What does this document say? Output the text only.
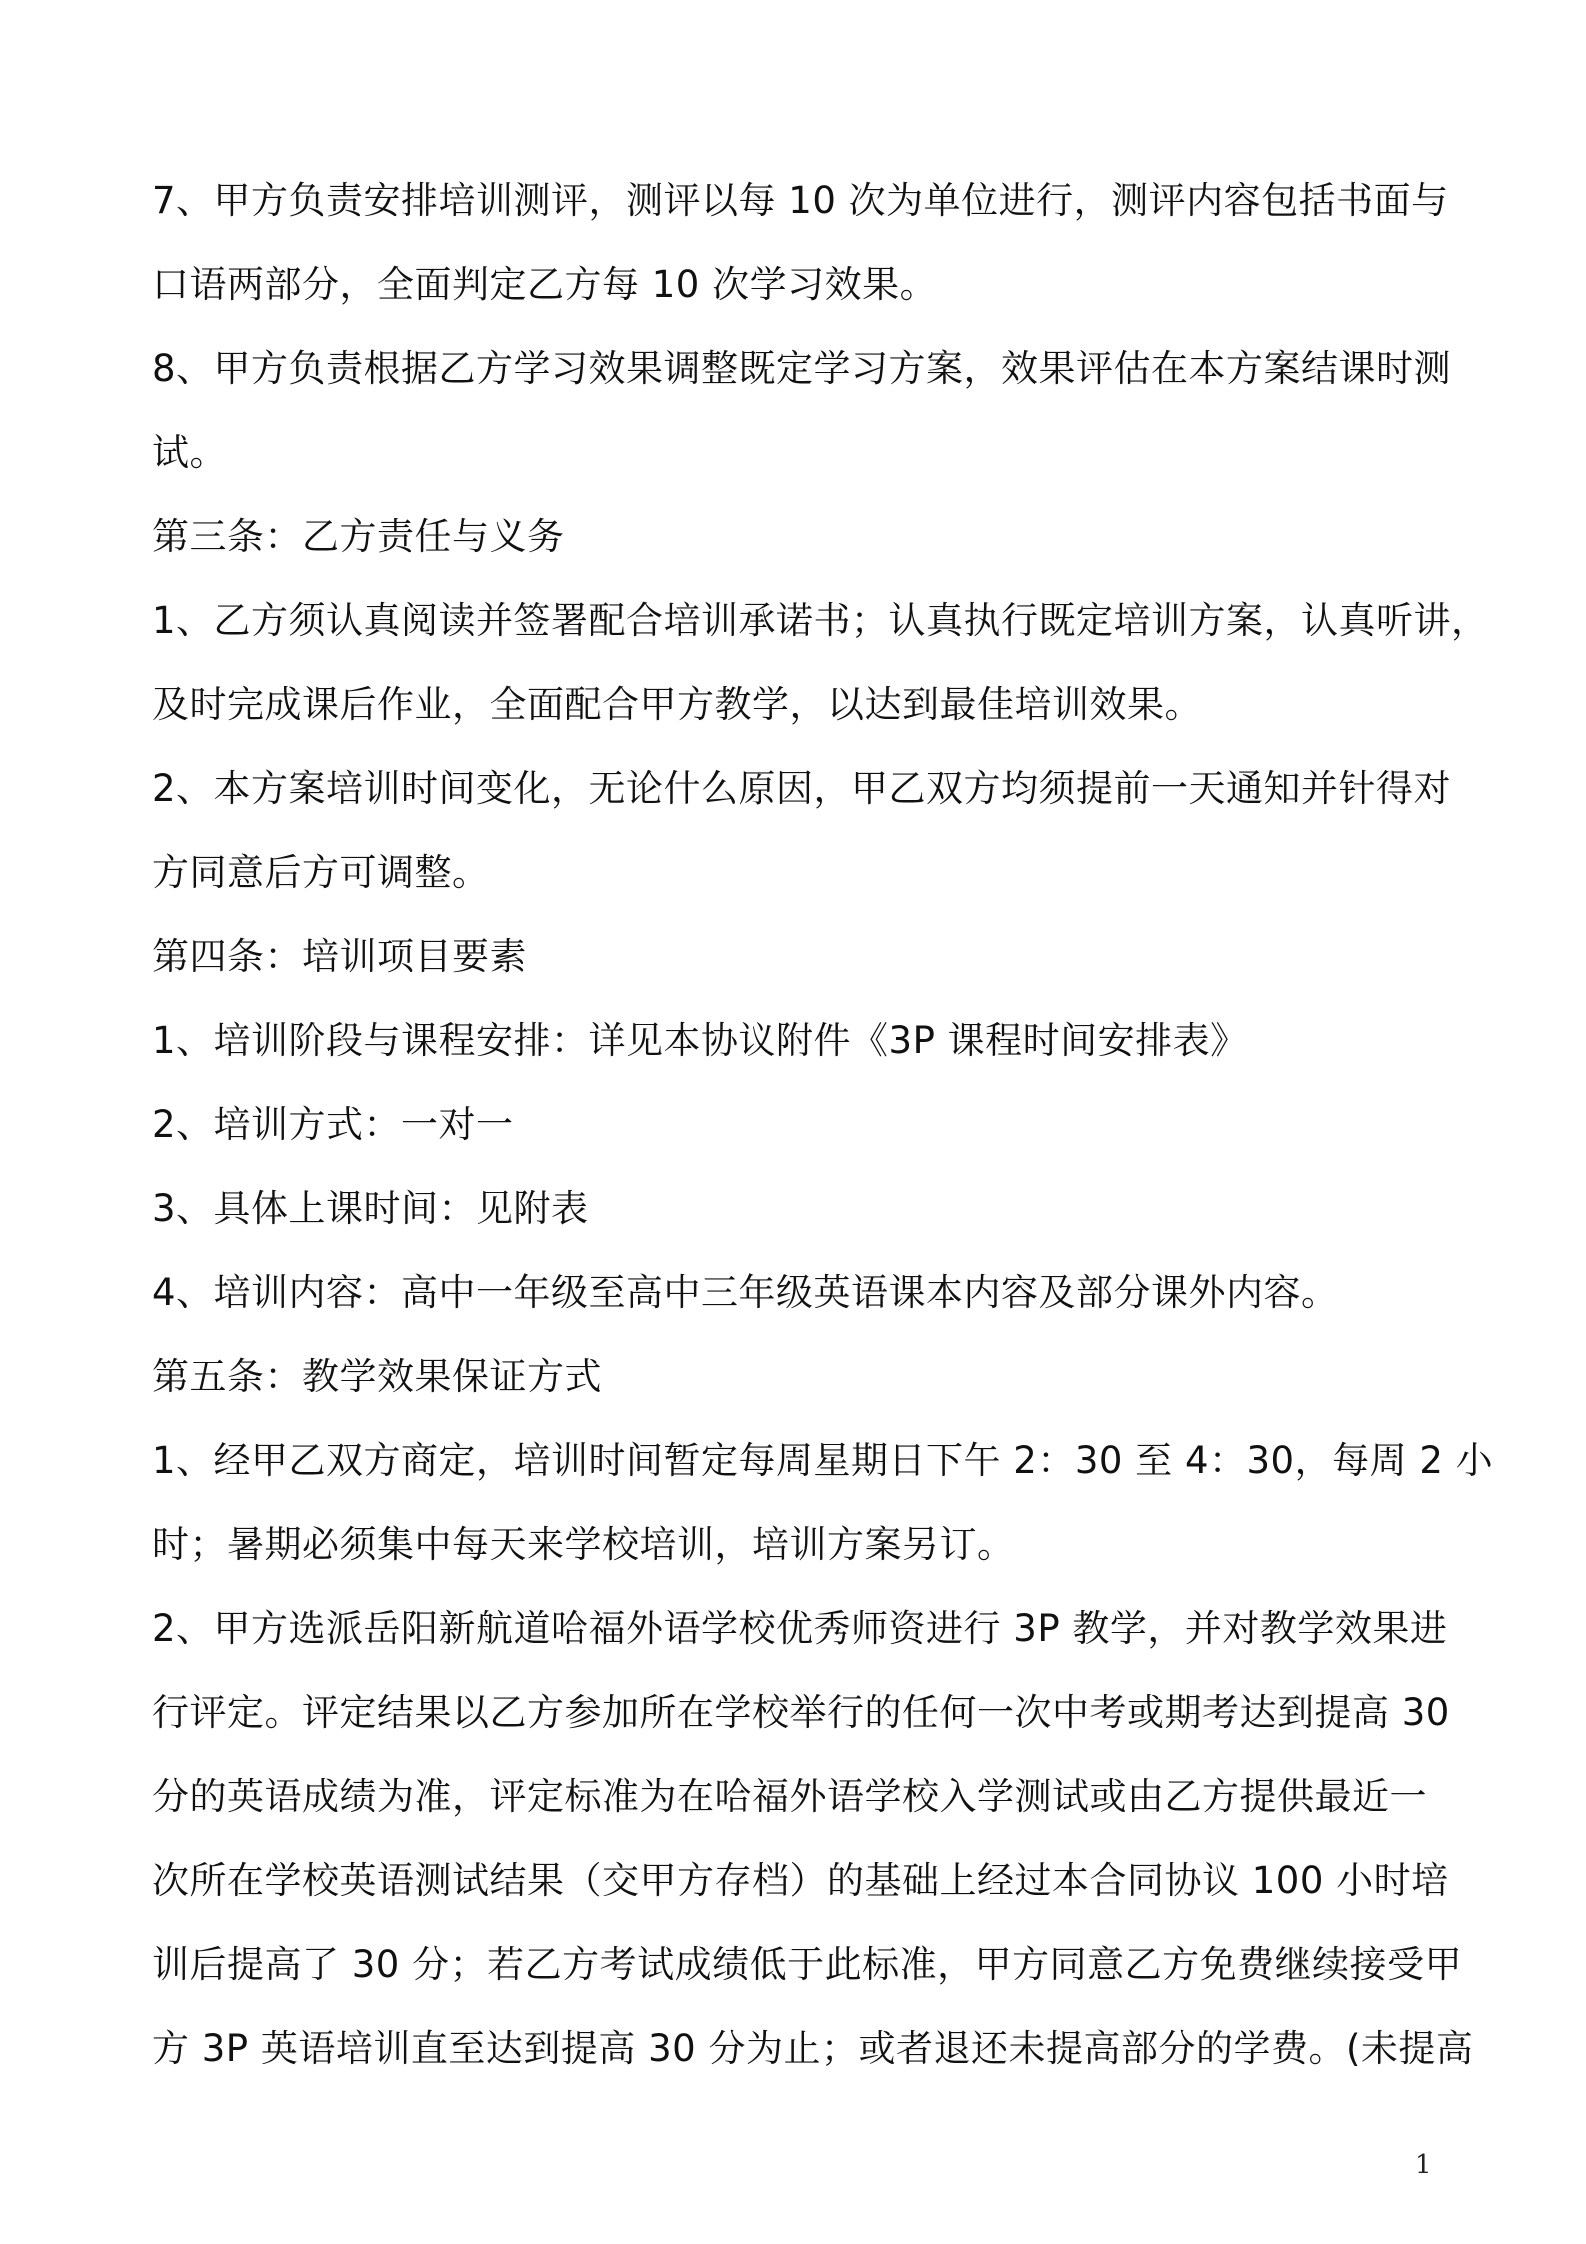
7、甲方负责安排培训测评，测评以每 10 次为单位进行，测评内容包括书面与
口语两部分，全面判定乙方每 10 次学习效果。
8、甲方负责根据乙方学习效果调整既定学习方案，效果评估在本方案结课时测
试。
第三条：乙方责任与义务
1、乙方须认真阅读并签署配合培训承诺书；认真执行既定培训方案，认真听讲，
及时完成课后作业，全面配合甲方教学，以达到最佳培训效果。
2、本方案培训时间变化，无论什么原因，甲乙双方均须提前一天通知并针得对
方同意后方可调整。
第四条：培训项目要素
1、培训阶段与课程安排：详见本协议附件《3P 课程时间安排表》
2、培训方式：一对一
3、具体上课时间：见附表
4、培训内容：高中一年级至高中三年级英语课本内容及部分课外内容。
第五条：教学效果保证方式
1、经甲乙双方商定，培训时间暂定每周星期日下午 2：30 至 4：30，每周 2 小
时；暑期必须集中每天来学校培训，培训方案另订。
2、甲方选派岳阳新航道哈福外语学校优秀师资进行 3P 教学，并对教学效果进
行评定。评定结果以乙方参加所在学校举行的任何一次中考或期考达到提高 30
分的英语成绩为准，评定标准为在哈福外语学校入学测试或由乙方提供最近一
次所在学校英语测试结果（交甲方存档）的基础上经过本合同协议 100 小时培
训后提高了 30 分；若乙方考试成绩低于此标准，甲方同意乙方免费继续接受甲
方 3P 英语培训直至达到提高 30 分为止；或者退还未提高部分的学费。(未提高
1
